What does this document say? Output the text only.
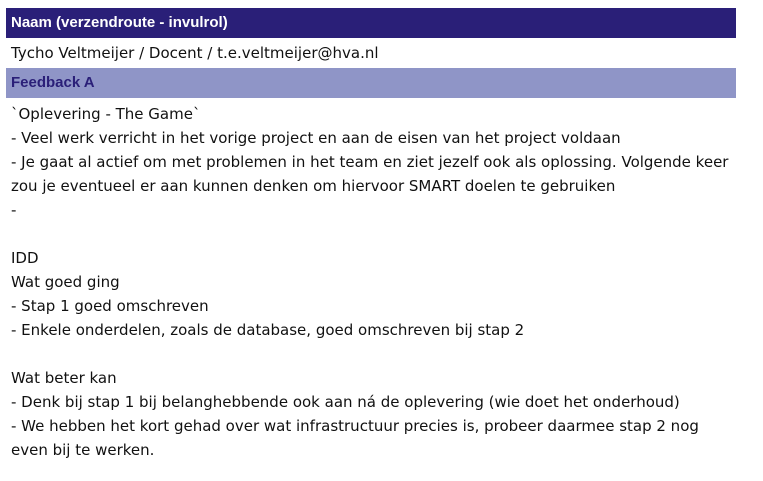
Naam (verzendroute - invulrol)
Tycho Veltmeijer / Docent / t.e.veltmeijer@hva.nl
Feedback A
`Oplevering - The Game`
- Veel werk verricht in het vorige project en aan de eisen van het project voldaan
- Je gaat al actief om met problemen in het team en ziet jezelf ook als oplossing. Volgende keer zou je eventueel er aan kunnen denken om hiervoor SMART doelen te gebruiken
-
IDD
Wat goed ging
- Stap 1 goed omschreven
- Enkele onderdelen, zoals de database, goed omschreven bij stap 2
Wat beter kan
- Denk bij stap 1 bij belanghebbende ook aan ná de oplevering (wie doet het onderhoud)
- We hebben het kort gehad over wat infrastructuur precies is, probeer daarmee stap 2 nog even bij te werken.
